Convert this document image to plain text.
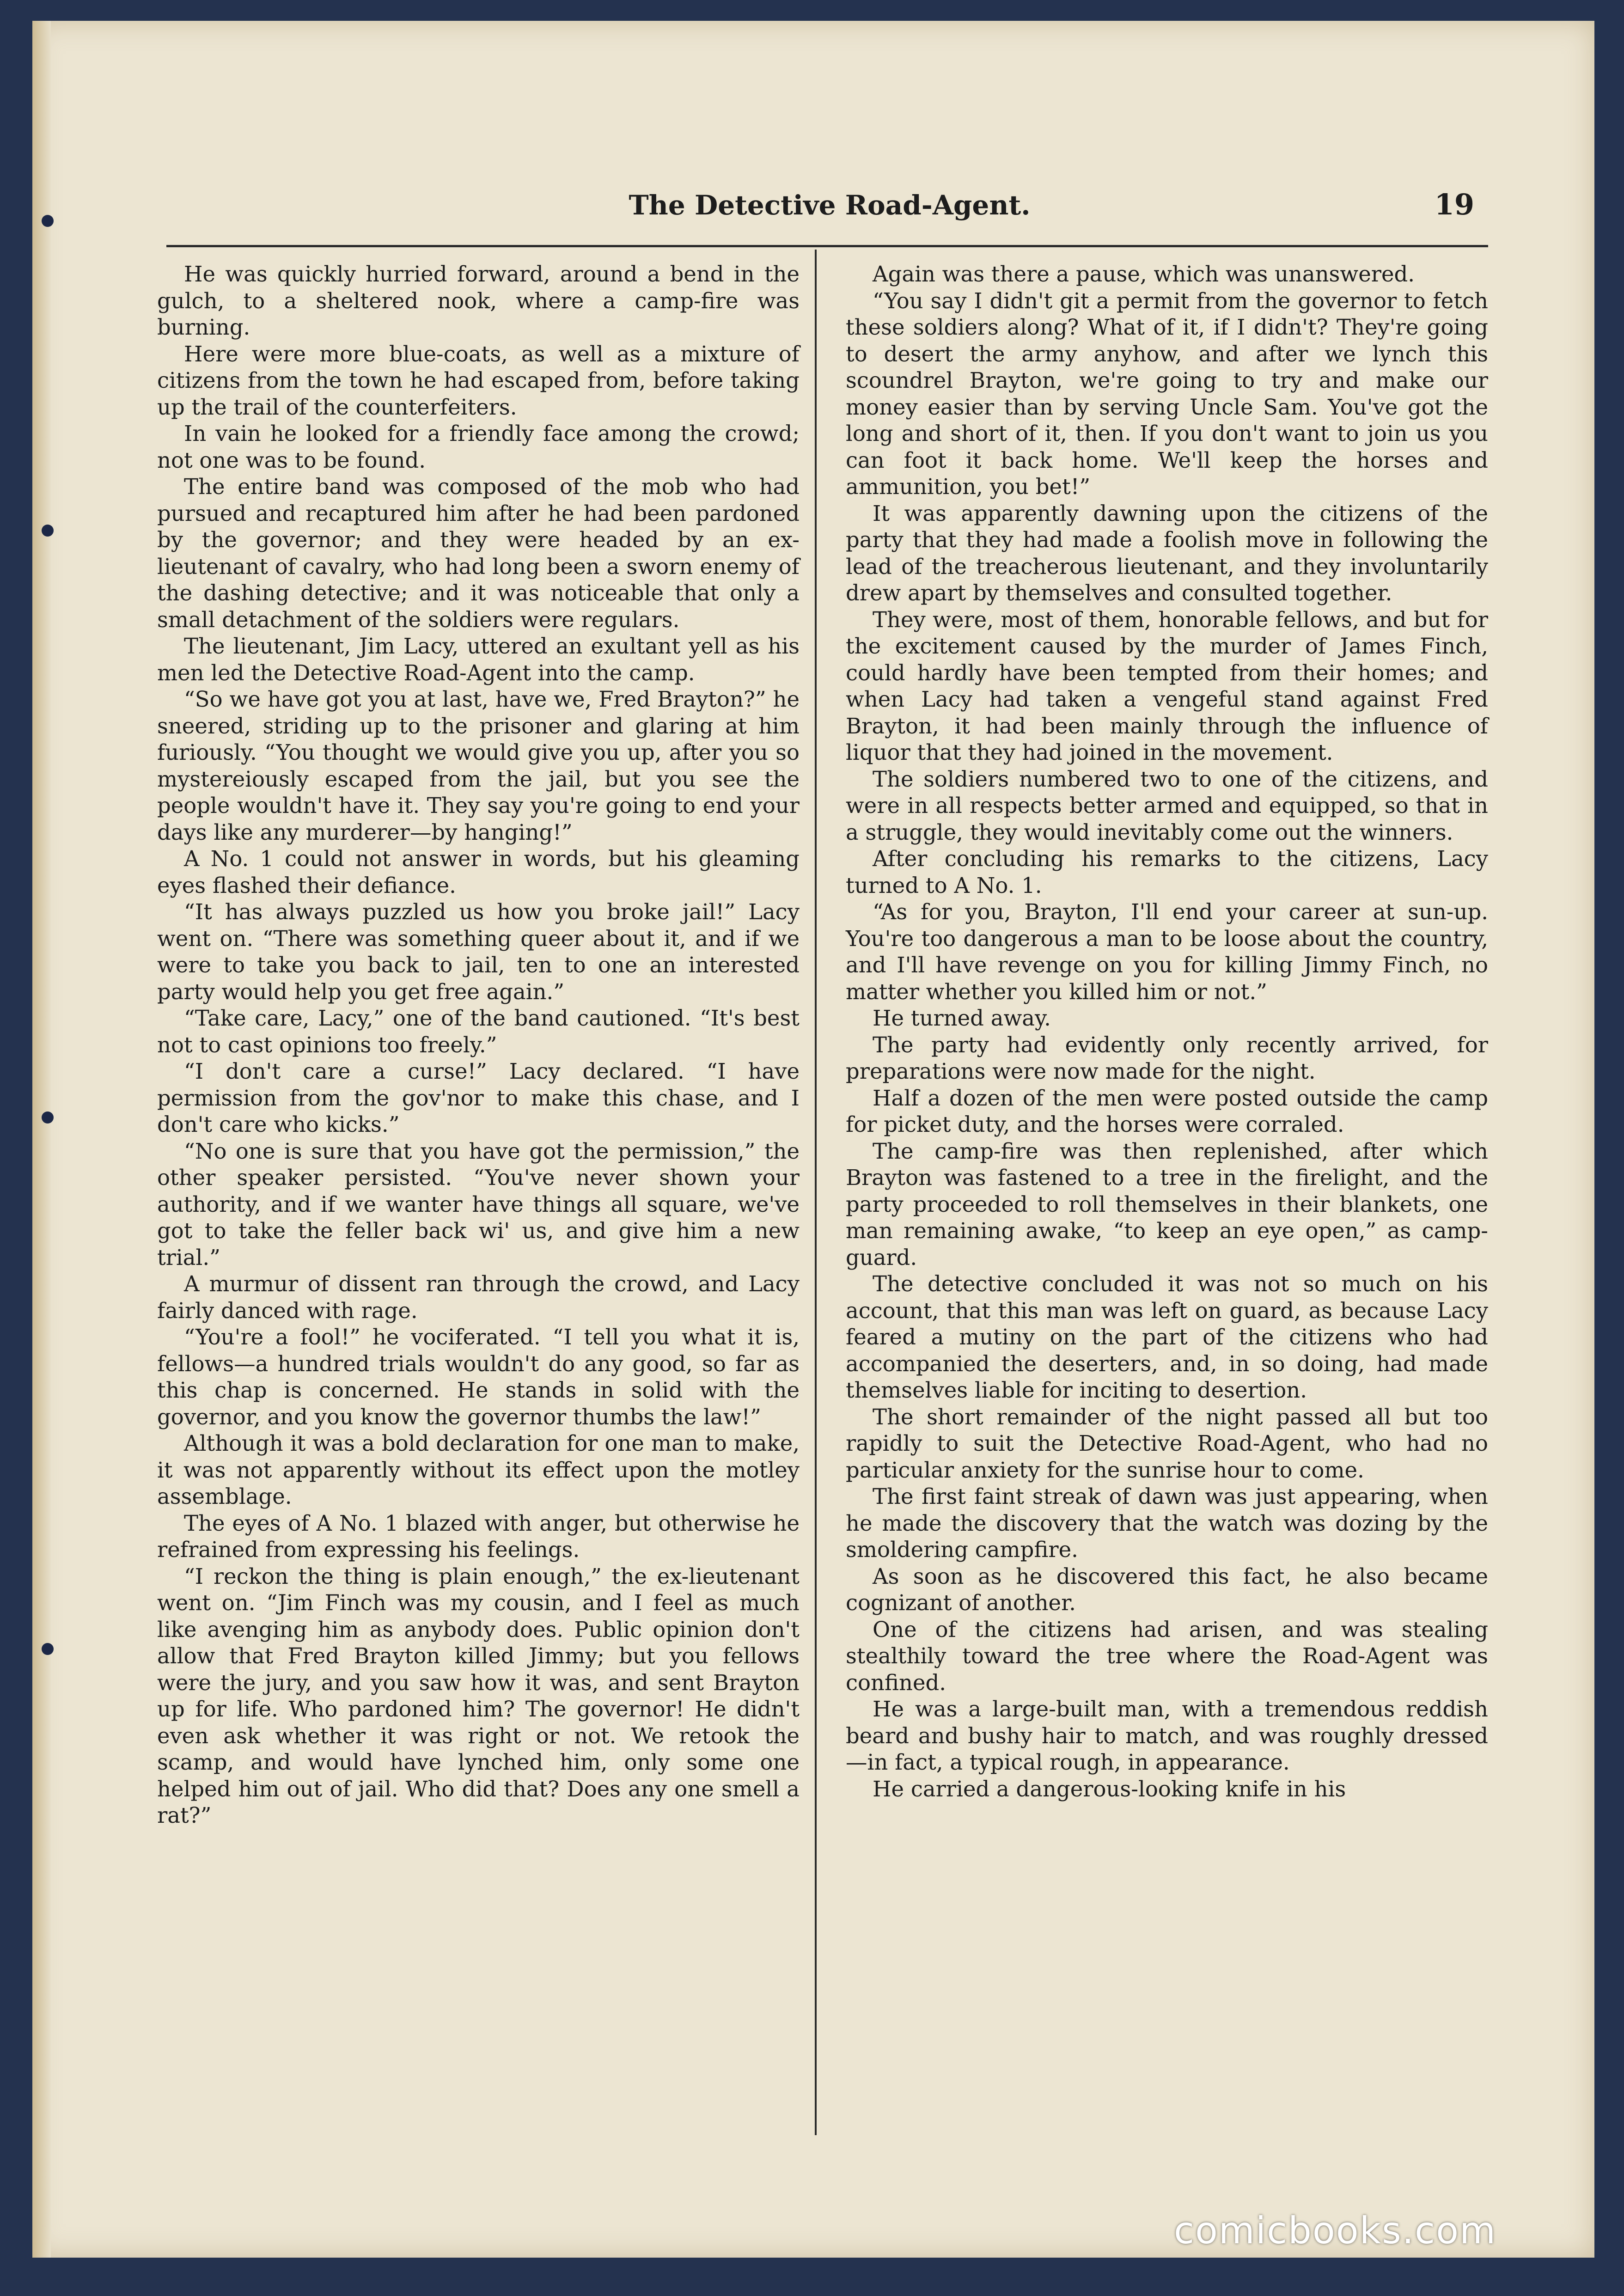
The Detective Road-Agent.	19

He was quickly hurried forward, around a bend in the gulch, to a sheltered nook, where a camp-fire was burning.

Here were more blue-coats, as well as a mixture of citizens from the town he had escaped from, before taking up the trail of the counterfeiters.

In vain he looked for a friendly face among the crowd; not one was to be found.

The entire band was composed of the mob who had pursued and recaptured him after he had been pardoned by the governor; and they were headed by an ex-lieutenant of cavalry, who had long been a sworn enemy of the dashing detective; and it was noticeable that only a small detachment of the soldiers were regulars.

The lieutenant, Jim Lacy, uttered an exultant yell as his men led the Detective Road-Agent into the camp.

“So we have got you at last, have we, Fred Brayton?” he sneered, striding up to the prisoner and glaring at him furiously. “You thought we would give you up, after you so mystereiously escaped from the jail, but you see the people wouldn't have it. They say you're going to end your days like any murderer—by hanging!”

A No. 1 could not answer in words, but his gleaming eyes flashed their defiance.

“It has always puzzled us how you broke jail!” Lacy went on. “There was something queer about it, and if we were to take you back to jail, ten to one an interested party would help you get free again.”

“Take care, Lacy,” one of the band cautioned. “It's best not to cast opinions too freely.”

“I don't care a curse!” Lacy declared. “I have permission from the gov'nor to make this chase, and I don't care who kicks.”

“No one is sure that you have got the permission,” the other speaker persisted. “You've never shown your authority, and if we wanter have things all square, we've got to take the feller back wi' us, and give him a new trial.”

A murmur of dissent ran through the crowd, and Lacy fairly danced with rage.

“You're a fool!” he vociferated. “I tell you what it is, fellows—a hundred trials wouldn't do any good, so far as this chap is concerned. He stands in solid with the governor, and you know the governor thumbs the law!”

Although it was a bold declaration for one man to make, it was not apparently without its effect upon the motley assemblage.

The eyes of A No. 1 blazed with anger, but otherwise he refrained from expressing his feelings.

“I reckon the thing is plain enough,” the ex-lieutenant went on. “Jim Finch was my cousin, and I feel as much like avenging him as anybody does. Public opinion don't allow that Fred Brayton killed Jimmy; but you fellows were the jury, and you saw how it was, and sent Brayton up for life. Who pardoned him? The governor! He didn't even ask whether it was right or not. We retook the scamp, and would have lynched him, only some one helped him out of jail. Who did that? Does any one smell a rat?”

Again was there a pause, which was unanswered.

“You say I didn't git a permit from the governor to fetch these soldiers along? What of it, if I didn't? They're going to desert the army anyhow, and after we lynch this scoundrel Brayton, we're going to try and make our money easier than by serving Uncle Sam. You've got the long and short of it, then. If you don't want to join us you can foot it back home. We'll keep the horses and ammunition, you bet!”

It was apparently dawning upon the citizens of the party that they had made a foolish move in following the lead of the treacherous lieutenant, and they involuntarily drew apart by themselves and consulted together.

They were, most of them, honorable fellows, and but for the excitement caused by the murder of James Finch, could hardly have been tempted from their homes; and when Lacy had taken a vengeful stand against Fred Brayton, it had been mainly through the influence of liquor that they had joined in the movement.

The soldiers numbered two to one of the citizens, and were in all respects better armed and equipped, so that in a struggle, they would inevitably come out the winners.

After concluding his remarks to the citizens, Lacy turned to A No. 1.

“As for you, Brayton, I'll end your career at sun-up. You're too dangerous a man to be loose about the country, and I'll have revenge on you for killing Jimmy Finch, no matter whether you killed him or not.”

He turned away.

The party had evidently only recently arrived, for preparations were now made for the night.

Half a dozen of the men were posted outside the camp for picket duty, and the horses were corraled.

The camp-fire was then replenished, after which Brayton was fastened to a tree in the firelight, and the party proceeded to roll themselves in their blankets, one man remaining awake, “to keep an eye open,” as camp-guard.

The detective concluded it was not so much on his account, that this man was left on guard, as because Lacy feared a mutiny on the part of the citizens who had accompanied the deserters, and, in so doing, had made themselves liable for inciting to desertion.

The short remainder of the night passed all but too rapidly to suit the Detective Road-Agent, who had no particular anxiety for the sunrise hour to come.

The first faint streak of dawn was just appearing, when he made the discovery that the watch was dozing by the smoldering campfire.

As soon as he discovered this fact, he also became cognizant of another.

One of the citizens had arisen, and was stealing stealthily toward the tree where the Road-Agent was confined.

He was a large-built man, with a tremendous reddish beard and bushy hair to match, and was roughly dressed—in fact, a typical rough, in appearance.

He carried a dangerous-looking knife in his

comicbooks.com
